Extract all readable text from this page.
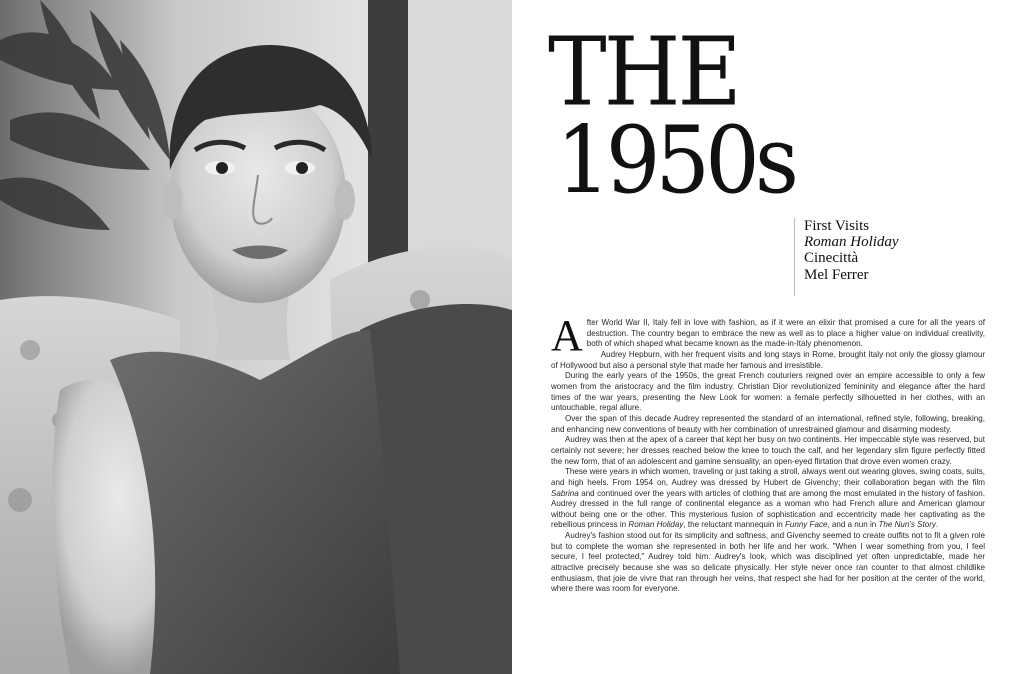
THE
1950s
First Visits
Roman Holiday
Cinecittà
Mel Ferrer

After World War II, Italy fell in love with fashion, as if it were an elixir that promised a cure for all the years of destruction. The country began to embrace the new as well as to place a higher value on individual creativity, both of which shaped what became known as the made-in-Italy phenomenon.

Audrey Hepburn, with her frequent visits and long stays in Rome, brought Italy not only the glossy glamour of Hollywood but also a personal style that made her famous and irresistible.

During the early years of the 1950s, the great French couturiers reigned over an empire accessible to only a few women from the aristocracy and the film industry. Christian Dior revolutionized femininity and elegance after the hard times of the war years, presenting the New Look for women: a female perfectly silhouetted in her clothes, with an untouchable, regal allure.

Over the span of this decade Audrey represented the standard of an international, refined style, following, breaking, and enhancing new conventions of beauty with her combination of unrestrained glamour and disarming modesty.

Audrey was then at the apex of a career that kept her busy on two continents. Her impeccable style was reserved, but certainly not severe; her dresses reached below the knee to touch the calf, and her legendary slim figure perfectly fitted the new form, that of an adolescent and gamine sensuality, an open-eyed flirtation that drove even women crazy.

These were years in which women, traveling or just taking a stroll, always went out wearing gloves, swing coats, suits, and high heels. From 1954 on, Audrey was dressed by Hubert de Givenchy; their collaboration began with the film Sabrina and continued over the years with articles of clothing that are among the most emulated in the history of fashion. Audrey dressed in the full range of continental elegance as a woman who had French allure and American glamour without being one or the other. This mysterious fusion of sophistication and eccentricity made her captivating as the rebellious princess in Roman Holiday, the reluctant mannequin in Funny Face, and a nun in The Nun's Story.

Audrey's fashion stood out for its simplicity and softness, and Givenchy seemed to create outfits not to fit a given role but to complete the woman she represented in both her life and her work. "When I wear something from you, I feel secure, I feel protected," Audrey told him. Audrey's look, which was disciplined yet often unpredictable, made her attractive precisely because she was so delicate physically. Her style never once ran counter to that almost childlike enthusiasm, that joie de vivre that ran through her veins, that respect she had for her position at the center of the world, where there was room for everyone.
